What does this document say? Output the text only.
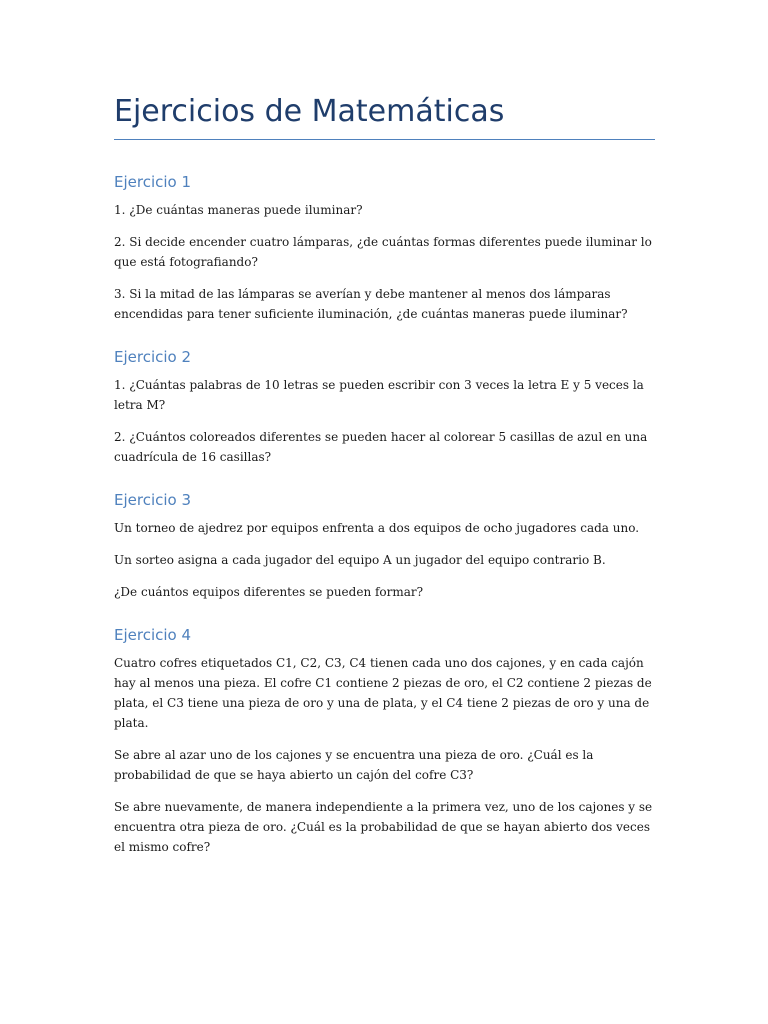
Ejercicios de Matemáticas
Ejercicio 1

1. ¿De cuántas maneras puede iluminar?

2. Si decide encender cuatro lámparas, ¿de cuántas formas diferentes puede iluminar lo que está fotografiando?

3. Si la mitad de las lámparas se averían y debe mantener al menos dos lámparas encendidas para tener suficiente iluminación, ¿de cuántas maneras puede iluminar?

Ejercicio 2

1. ¿Cuántas palabras de 10 letras se pueden escribir con 3 veces la letra E y 5 veces la letra M?

2. ¿Cuántos coloreados diferentes se pueden hacer al colorear 5 casillas de azul en una cuadrícula de 16 casillas?

Ejercicio 3

Un torneo de ajedrez por equipos enfrenta a dos equipos de ocho jugadores cada uno.

Un sorteo asigna a cada jugador del equipo A un jugador del equipo contrario B.

¿De cuántos equipos diferentes se pueden formar?

Ejercicio 4

Cuatro cofres etiquetados C1, C2, C3, C4 tienen cada uno dos cajones, y en cada cajón hay al menos una pieza. El cofre C1 contiene 2 piezas de oro, el C2 contiene 2 piezas de plata, el C3 tiene una pieza de oro y una de plata, y el C4 tiene 2 piezas de oro y una de plata.

Se abre al azar uno de los cajones y se encuentra una pieza de oro. ¿Cuál es la probabilidad de que se haya abierto un cajón del cofre C3?

Se abre nuevamente, de manera independiente a la primera vez, uno de los cajones y se encuentra otra pieza de oro. ¿Cuál es la probabilidad de que se hayan abierto dos veces el mismo cofre?
